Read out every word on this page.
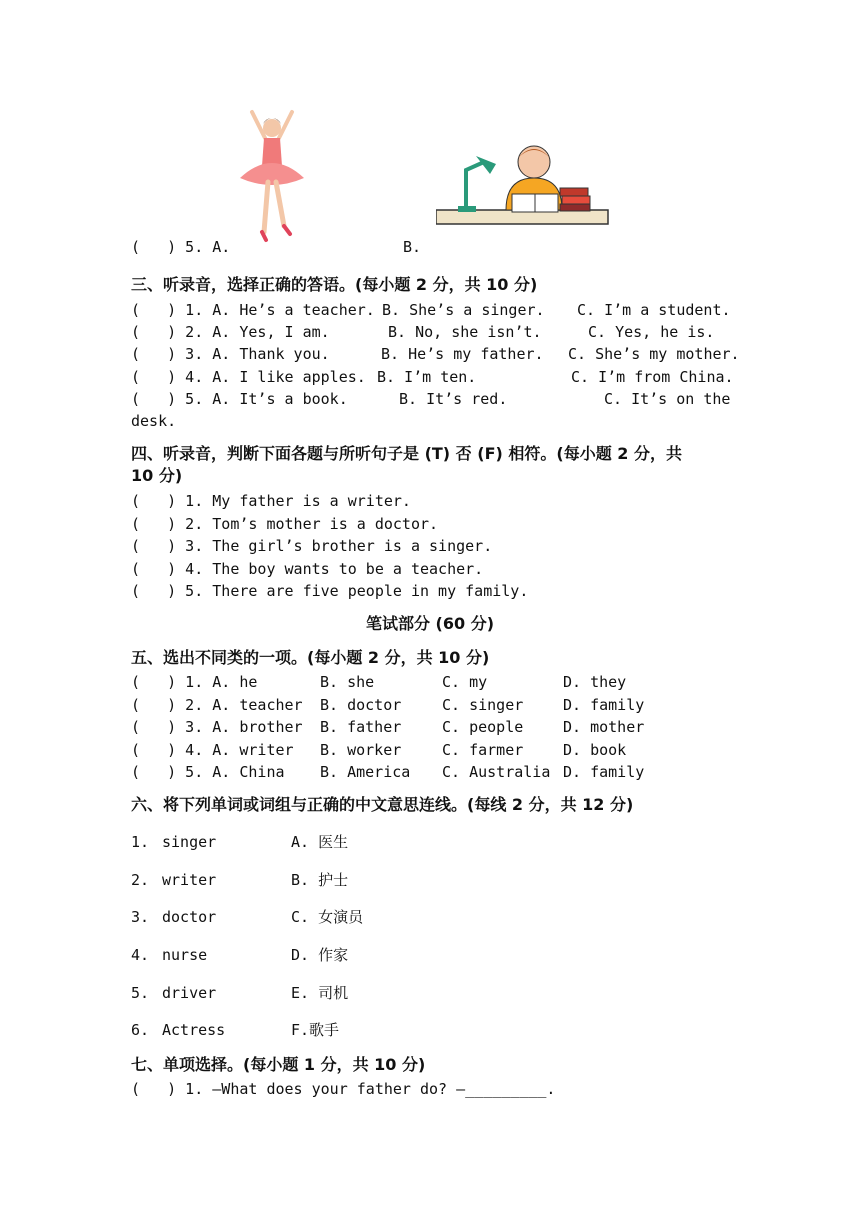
(   ) 5. A.	B.
三、听录音，选择正确的答语。(每小题 2 分，共 10 分)
(   ) 1. A. He’s a teacher. B. She’s a singer. C. I’m a student.
(   ) 2. A. Yes, I am.	B. No, she isn’t.	C. Yes, he is.
(   ) 3. A. Thank you.	B. He’s my father. C. She’s my mother.
(   ) 4. A. I like apples. B. I’m ten.	C. I’m from China.
(   ) 5. A. It’s a book.	B. It’s red.	C. It’s on the
desk.
四、听录音，判断下面各题与所听句子是 (T) 否 (F) 相符。(每小题 2 分，共
10 分)
(   ) 1. My father is a writer.
(   ) 2. Tom’s mother is a doctor.
(   ) 3. The girl’s brother is a singer.
(   ) 4. The boy wants to be a teacher.
(   ) 5. There are five people in my family.
笔试部分 (60 分)
五、选出不同类的一项。(每小题 2 分，共 10 分)
(   ) 1. A. he	B. she	C. my	D. they
(   ) 2. A. teacher B. doctor	C. singer	D. family
(   ) 3. A. brother B. father	C. people	D. mother
(   ) 4. A. writer B. worker	C. farmer	D. book
(   ) 5. A. China B. America C. Australia D. family
六、将下列单词或词组与正确的中文意思连线。(每线 2 分，共 12 分)
1. singer	A. 医生
2. writer	B. 护士
3. doctor	C. 女演员
4. nurse	D. 作家
5. driver	E. 司机
6. Actress	F.歌手
七、单项选择。(每小题 1 分，共 10 分)
(   ) 1. —What does your father do? —_________.
